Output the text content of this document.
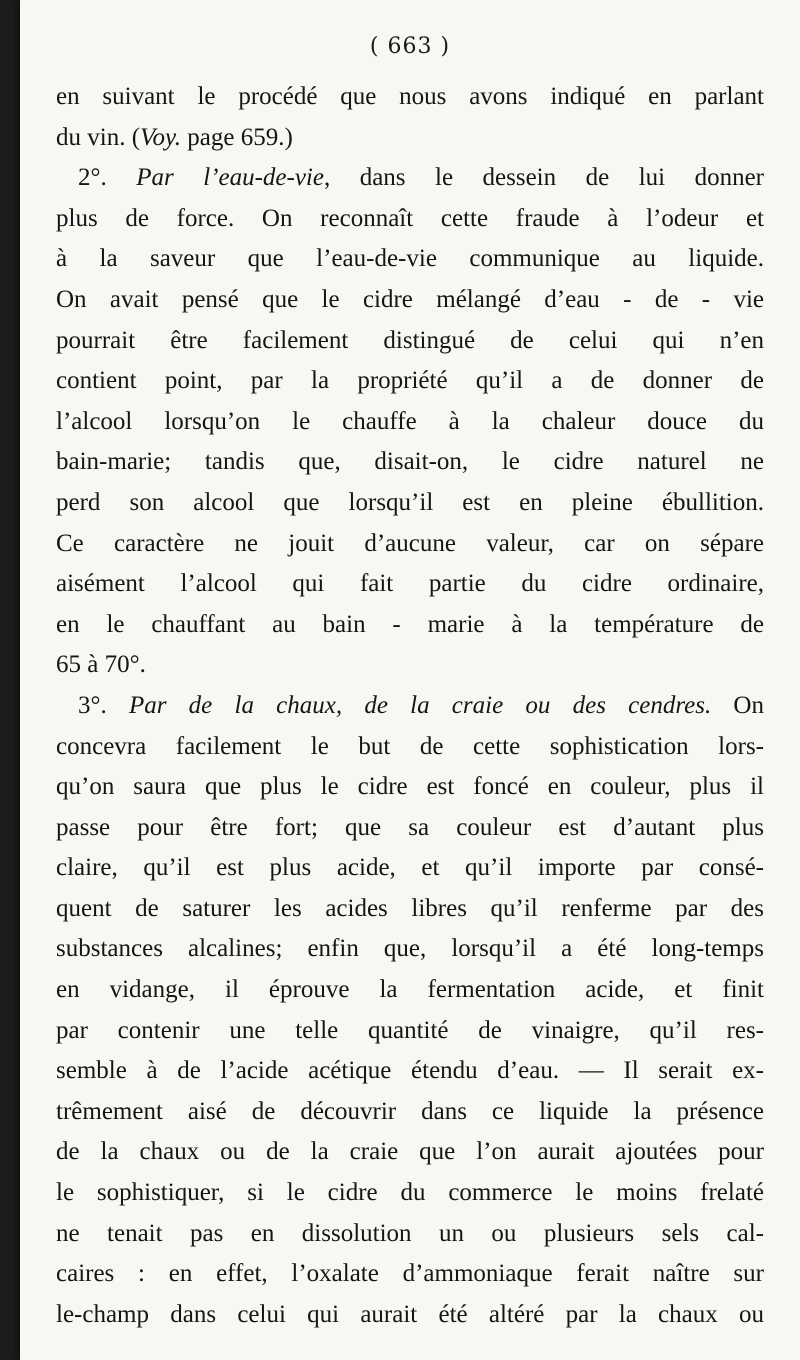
( 663 )
en suivant le procédé que nous avons indiqué en parlant
du vin. (Voy. page 659.)
2°. Par l’eau-de-vie, dans le dessein de lui donner
plus de force. On reconnaît cette fraude à l’odeur et
à la saveur que l’eau-de-vie communique au liquide.
On avait pensé que le cidre mélangé d’eau - de - vie
pourrait être facilement distingué de celui qui n’en
contient point, par la propriété qu’il a de donner de
l’alcool lorsqu’on le chauffe à la chaleur douce du
bain-marie; tandis que, disait-on, le cidre naturel ne
perd son alcool que lorsqu’il est en pleine ébullition.
Ce caractère ne jouit d’aucune valeur, car on sépare
aisément l’alcool qui fait partie du cidre ordinaire,
en le chauffant au bain - marie à la température de
65 à 70°.
3°. Par de la chaux, de la craie ou des cendres. On
concevra facilement le but de cette sophistication lors-
qu’on saura que plus le cidre est foncé en couleur, plus il
passe pour être fort; que sa couleur est d’autant plus
claire, qu’il est plus acide, et qu’il importe par consé-
quent de saturer les acides libres qu’il renferme par des
substances alcalines; enfin que, lorsqu’il a été long-temps
en vidange, il éprouve la fermentation acide, et finit
par contenir une telle quantité de vinaigre, qu’il res-
semble à de l’acide acétique étendu d’eau. — Il serait ex-
trêmement aisé de découvrir dans ce liquide la présence
de la chaux ou de la craie que l’on aurait ajoutées pour
le sophistiquer, si le cidre du commerce le moins frelaté
ne tenait pas en dissolution un ou plusieurs sels cal-
caires : en effet, l’oxalate d’ammoniaque ferait naître sur
le-champ dans celui qui aurait été altéré par la chaux ou
